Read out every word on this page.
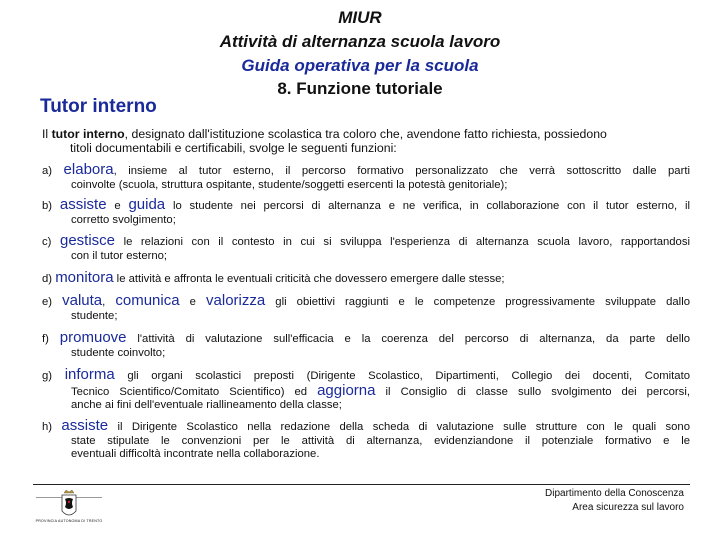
MIUR
Attività di alternanza scuola lavoro
Guida operativa per la scuola
8. Funzione tutoriale
Tutor interno
Il tutor interno, designato dall'istituzione scolastica tra coloro che, avendone fatto richiesta, possiedono
titoli documentabili e certificabili, svolge le seguenti funzioni:
a) elabora, insieme al tutor esterno, il percorso formativo personalizzato che verrà sottoscritto dalle parti
coinvolte (scuola, struttura ospitante, studente/soggetti esercenti la potestà genitoriale);
b) assiste e guida lo studente nei percorsi di alternanza e ne verifica, in collaborazione con il tutor esterno, il
corretto svolgimento;
c) gestisce le relazioni con il contesto in cui si sviluppa l'esperienza di alternanza scuola lavoro, rapportandosi
con il tutor esterno;
d) monitora le attività e affronta le eventuali criticità che dovessero emergere dalle stesse;
e) valuta, comunica e valorizza gli obiettivi raggiunti e le competenze progressivamente sviluppate dallo
studente;
f) promuove l'attività di valutazione sull'efficacia e la coerenza del percorso di alternanza, da parte dello
studente coinvolto;
g) informa gli organi scolastici preposti (Dirigente Scolastico, Dipartimenti, Collegio dei docenti, Comitato
Tecnico Scientifico/Comitato Scientifico) ed aggiorna il Consiglio di classe sullo svolgimento dei percorsi,
anche ai fini dell'eventuale riallineamento della classe;
h) assiste il Dirigente Scolastico nella redazione della scheda di valutazione sulle strutture con le quali sono
state stipulate le convenzioni per le attività di alternanza, evidenziandone il potenziale formativo e le
eventuali difficoltà incontrate nella collaborazione.
PROVINCIA AUTONOMA DI TRENTO
Dipartimento della Conoscenza
Area sicurezza sul lavoro
